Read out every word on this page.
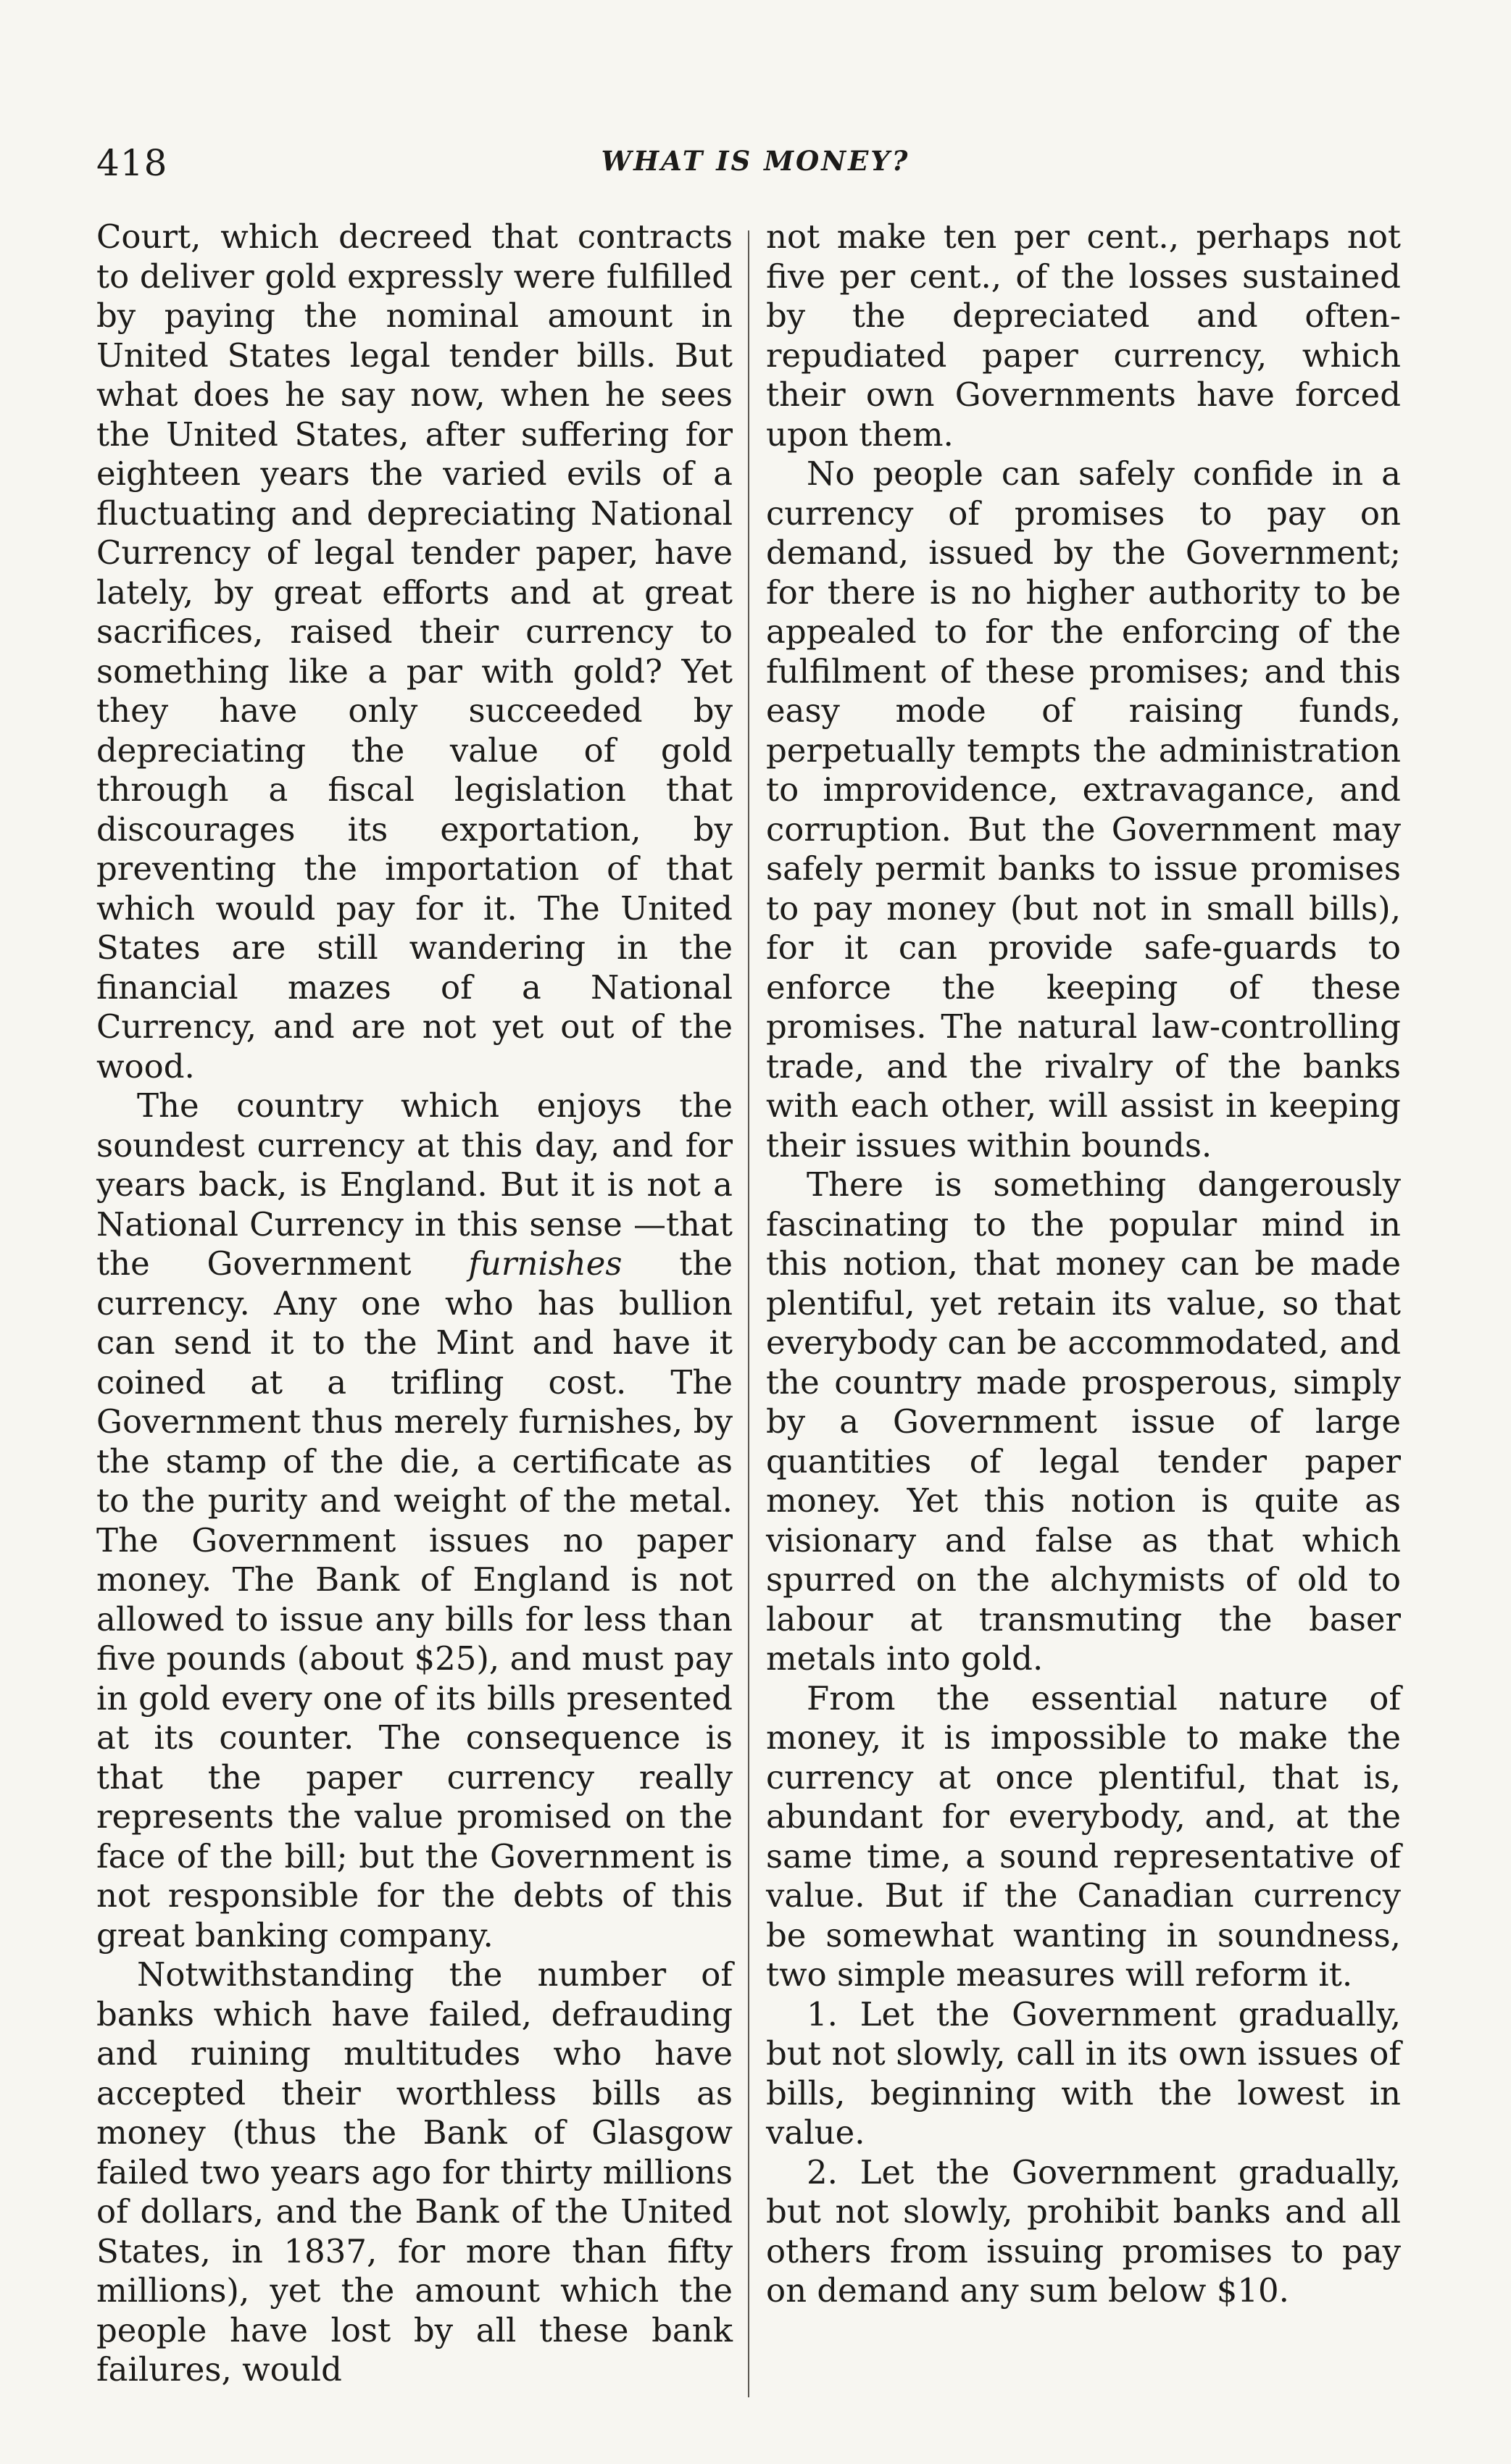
418	WHAT IS MONEY?

Court, which decreed that contracts to deliver gold expressly were fulfilled by paying the nominal amount in United States legal tender bills. But what does he say now, when he sees the United States, after suffering for eighteen years the varied evils of a fluctuating and depreciating National Currency of legal tender paper, have lately, by great efforts and at great sacrifices, raised their currency to something like a par with gold? Yet they have only succeeded by depreciating the value of gold through a fiscal legislation that discourages its exportation, by preventing the importation of that which would pay for it. The United States are still wandering in the financial mazes of a National Currency, and are not yet out of the wood.

The country which enjoys the soundest currency at this day, and for years back, is England. But it is not a National Currency in this sense —that the Government furnishes the currency. Any one who has bullion can send it to the Mint and have it coined at a trifling cost. The Government thus merely furnishes, by the stamp of the die, a certificate as to the purity and weight of the metal. The Government issues no paper money. The Bank of England is not allowed to issue any bills for less than five pounds (about $25), and must pay in gold every one of its bills presented at its counter. The consequence is that the paper currency really represents the value promised on the face of the bill; but the Government is not responsible for the debts of this great banking company.

Notwithstanding the number of banks which have failed, defrauding and ruining multitudes who have accepted their worthless bills as money (thus the Bank of Glasgow failed two years ago for thirty millions of dollars, and the Bank of the United States, in 1837, for more than fifty millions), yet the amount which the people have lost by all these bank failures, would

not make ten per cent., perhaps not five per cent., of the losses sustained by the depreciated and often-repudiated paper currency, which their own Governments have forced upon them.

No people can safely confide in a currency of promises to pay on demand, issued by the Government; for there is no higher authority to be appealed to for the enforcing of the fulfilment of these promises; and this easy mode of raising funds, perpetually tempts the administration to improvidence, extravagance, and corruption. But the Government may safely permit banks to issue promises to pay money (but not in small bills), for it can provide safe-guards to enforce the keeping of these promises. The natural law-controlling trade, and the rivalry of the banks with each other, will assist in keeping their issues within bounds.

There is something dangerously fascinating to the popular mind in this notion, that money can be made plentiful, yet retain its value, so that everybody can be accommodated, and the country made prosperous, simply by a Government issue of large quantities of legal tender paper money. Yet this notion is quite as visionary and false as that which spurred on the alchymists of old to labour at transmuting the baser metals into gold.

From the essential nature of money, it is impossible to make the currency at once plentiful, that is, abundant for everybody, and, at the same time, a sound representative of value. But if the Canadian currency be somewhat wanting in soundness, two simple measures will reform it.

1. Let the Government gradually, but not slowly, call in its own issues of bills, beginning with the lowest in value.

2. Let the Government gradually, but not slowly, prohibit banks and all others from issuing promises to pay on demand any sum below $10.
